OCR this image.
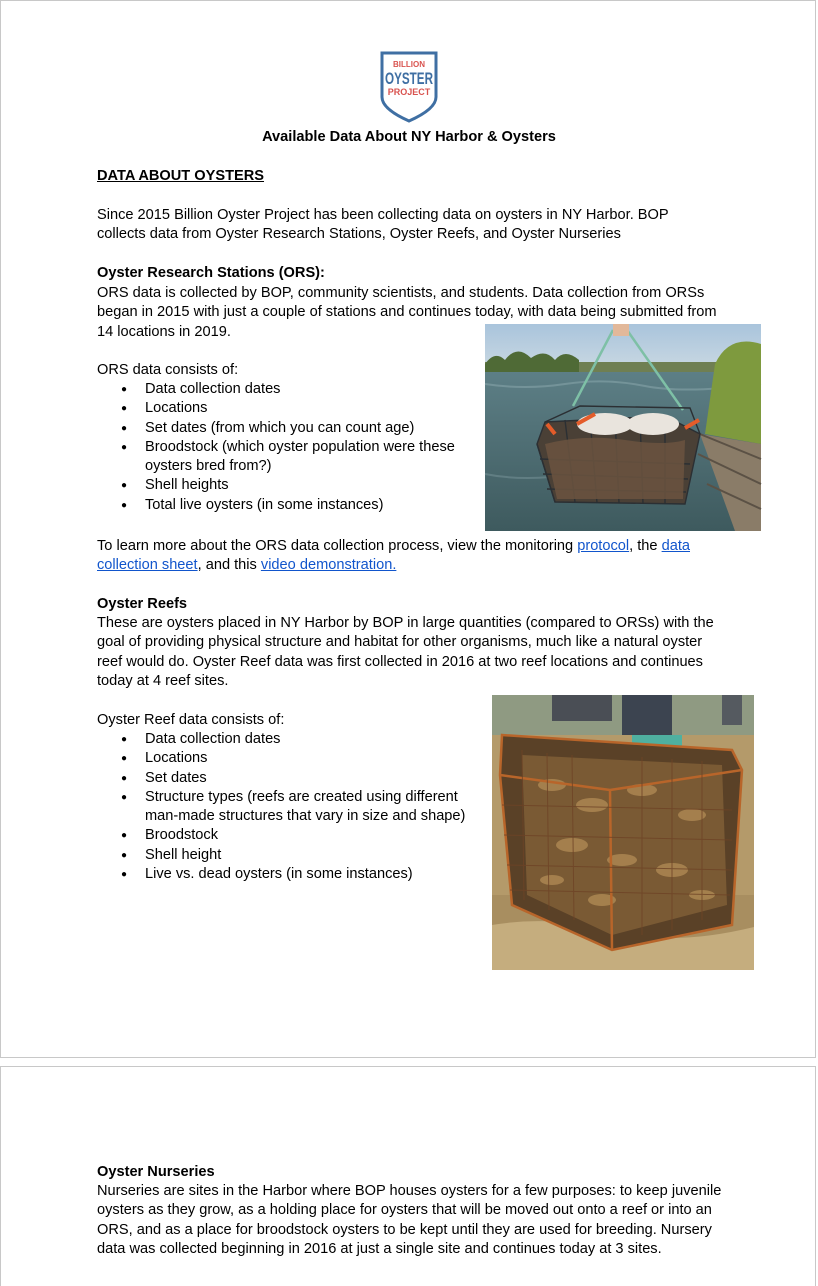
BILLION
OYSTER
PROJECT
Available Data About NY Harbor & Oysters

DATA ABOUT OYSTERS

Since 2015 Billion Oyster Project has been collecting data on oysters in NY Harbor. BOP collects data from Oyster Research Stations, Oyster Reefs, and Oyster Nurseries

Oyster Research Stations (ORS):

ORS data is collected by BOP, community scientists, and students. Data collection from ORSs began in 2015 with just a couple of stations and continues today, with data being submitted from 14 locations in 2019.

ORS data consists of:

● Data collection dates
● Locations
● Set dates (from which you can count age)
● Broodstock (which oyster population were these oysters bred from?)
● Shell heights
● Total live oysters (in some instances)

To learn more about the ORS data collection process, view the monitoring protocol, the data collection sheet, and this video demonstration.

Oyster Reefs

These are oysters placed in NY Harbor by BOP in large quantities (compared to ORSs) with the goal of providing physical structure and habitat for other organisms, much like a natural oyster reef would do. Oyster Reef data was first collected in 2016 at two reef locations and continues today at 4 reef sites.

Oyster Reef data consists of:

● Data collection dates
● Locations
● Set dates
● Structure types (reefs are created using different man-made structures that vary in size and shape)
● Broodstock
● Shell height
● Live vs. dead oysters (in some instances)

Oyster Nurseries

Nurseries are sites in the Harbor where BOP houses oysters for a few purposes: to keep juvenile oysters as they grow, as a holding place for oysters that will be moved out onto a reef or into an ORS, and as a place for broodstock oysters to be kept until they are used for breeding. Nursery data was collected beginning in 2016 at just a single site and continues today at 3 sites.
